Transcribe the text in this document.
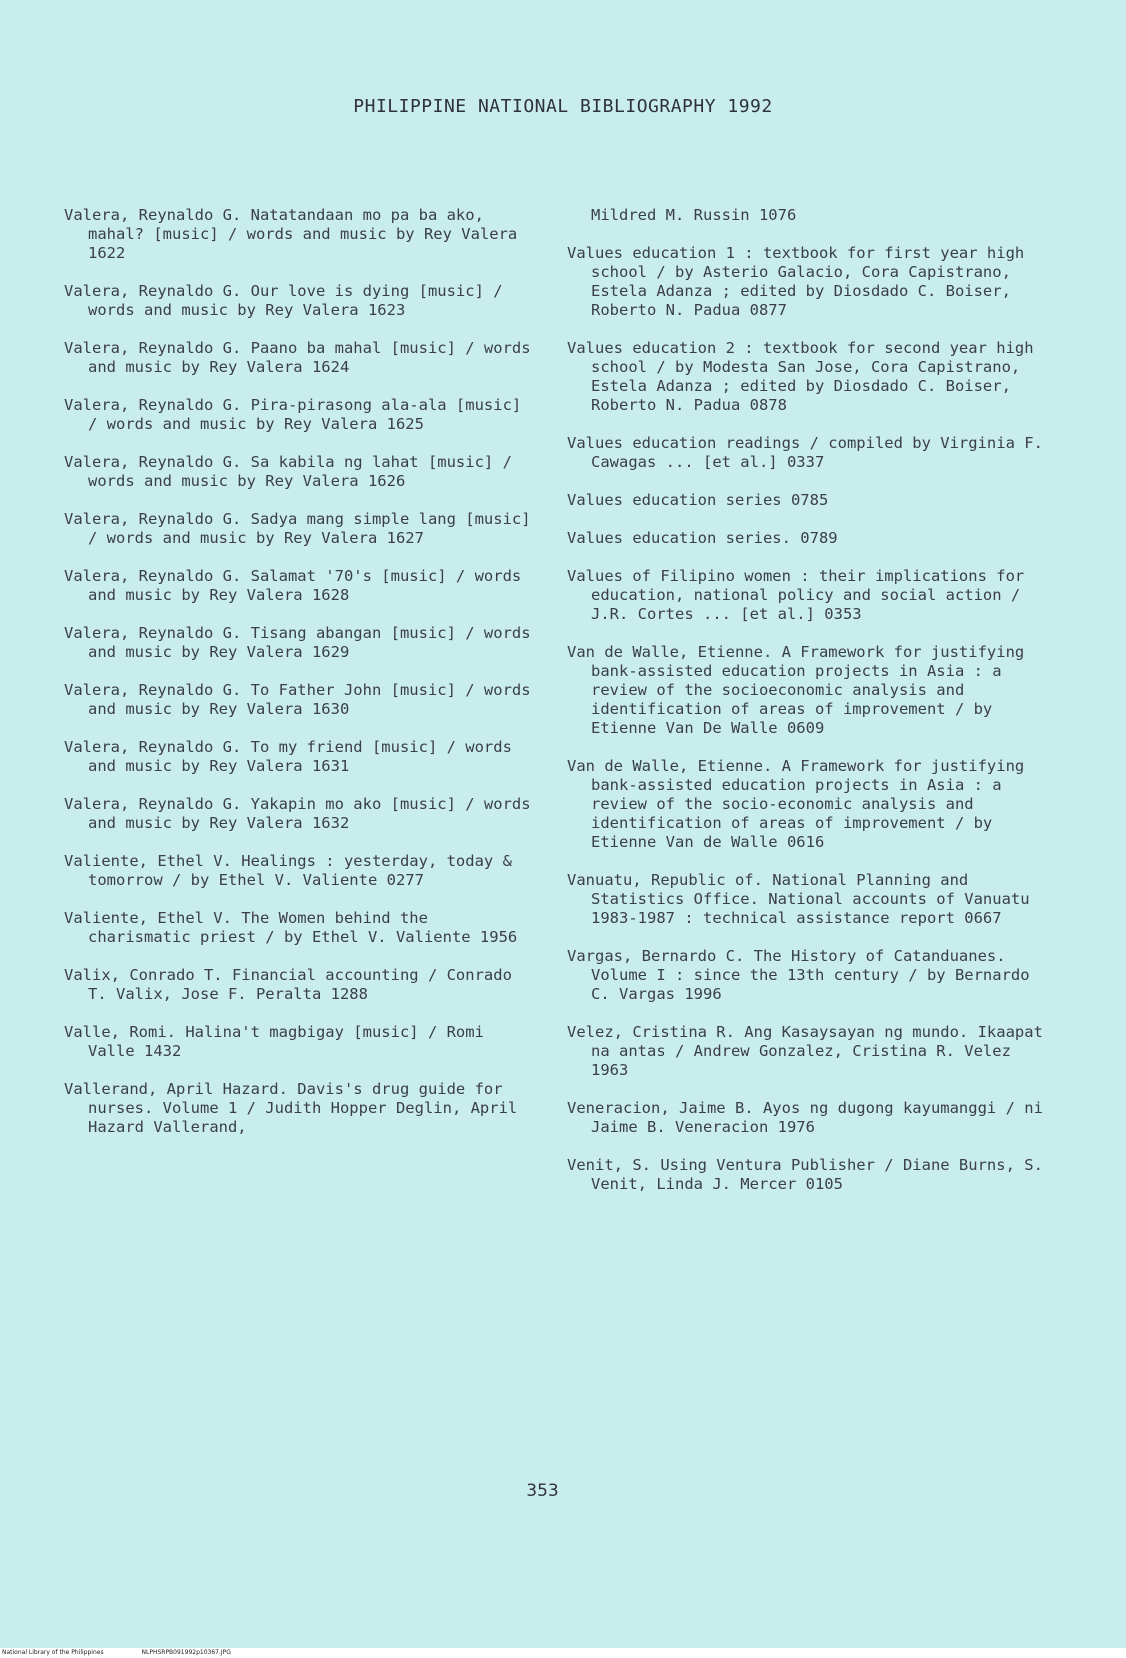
PHILIPPINE NATIONAL BIBLIOGRAPHY 1992

Valera, Reynaldo G. Natatandaan mo pa ba ako, mahal? [music] / words and music by Rey Valera 1622

Valera, Reynaldo G. Our love is dying [music] / words and music by Rey Valera 1623

Valera, Reynaldo G. Paano ba mahal [music] / words and music by Rey Valera 1624

Valera, Reynaldo G. Pira-pirasong ala-ala [music] / words and music by Rey Valera 1625

Valera, Reynaldo G. Sa kabila ng lahat [music] / words and music by Rey Valera 1626

Valera, Reynaldo G. Sadya mang simple lang [music] / words and music by Rey Valera 1627

Valera, Reynaldo G. Salamat '70's [music] / words and music by Rey Valera 1628

Valera, Reynaldo G. Tisang abangan [music] / words and music by Rey Valera 1629

Valera, Reynaldo G. To Father John [music] / words and music by Rey Valera 1630

Valera, Reynaldo G. To my friend [music] / words and music by Rey Valera 1631

Valera, Reynaldo G. Yakapin mo ako [music] / words and music by Rey Valera 1632

Valiente, Ethel V. Healings : yesterday, today & tomorrow / by Ethel V. Valiente 0277

Valiente, Ethel V. The Women behind the charismatic priest / by Ethel V. Valiente 1956

Valix, Conrado T. Financial accounting / Conrado T. Valix, Jose F. Peralta 1288

Valle, Romi. Halina't magbigay [music] / Romi Valle 1432

Vallerand, April Hazard. Davis's drug guide for nurses. Volume 1 / Judith Hopper Deglin, April Hazard Vallerand,

Mildred M. Russin 1076

Values education 1 : textbook for first year high school / by Asterio Galacio, Cora Capistrano, Estela Adanza ; edited by Diosdado C. Boiser, Roberto N. Padua 0877

Values education 2 : textbook for second year high school / by Modesta San Jose, Cora Capistrano, Estela Adanza ; edited by Diosdado C. Boiser, Roberto N. Padua 0878

Values education readings / compiled by Virginia F. Cawagas ... [et al.] 0337

Values education series 0785

Values education series. 0789

Values of Filipino women : their implications for education, national policy and social action / J.R. Cortes ... [et al.] 0353

Van de Walle, Etienne. A Framework for justifying bank-assisted education projects in Asia : a review of the socioeconomic analysis and identification of areas of improvement / by Etienne Van De Walle 0609

Van de Walle, Etienne. A Framework for justifying bank-assisted education projects in Asia : a review of the socio-economic analysis and identification of areas of improvement / by Etienne Van de Walle 0616

Vanuatu, Republic of. National Planning and Statistics Office. National accounts of Vanuatu 1983-1987 : technical assistance report 0667

Vargas, Bernardo C. The History of Catanduanes. Volume I : since the 13th century / by Bernardo C. Vargas 1996

Velez, Cristina R. Ang Kasaysayan ng mundo. Ikaapat na antas / Andrew Gonzalez, Cristina R. Velez 1963

Veneracion, Jaime B. Ayos ng dugong kayumanggi / ni Jaime B. Veneracion 1976

Venit, S. Using Ventura Publisher / Diane Burns, S. Venit, Linda J. Mercer 0105

353
National Library of the Philippines	NLPHSRPB091992p10367.JPG
